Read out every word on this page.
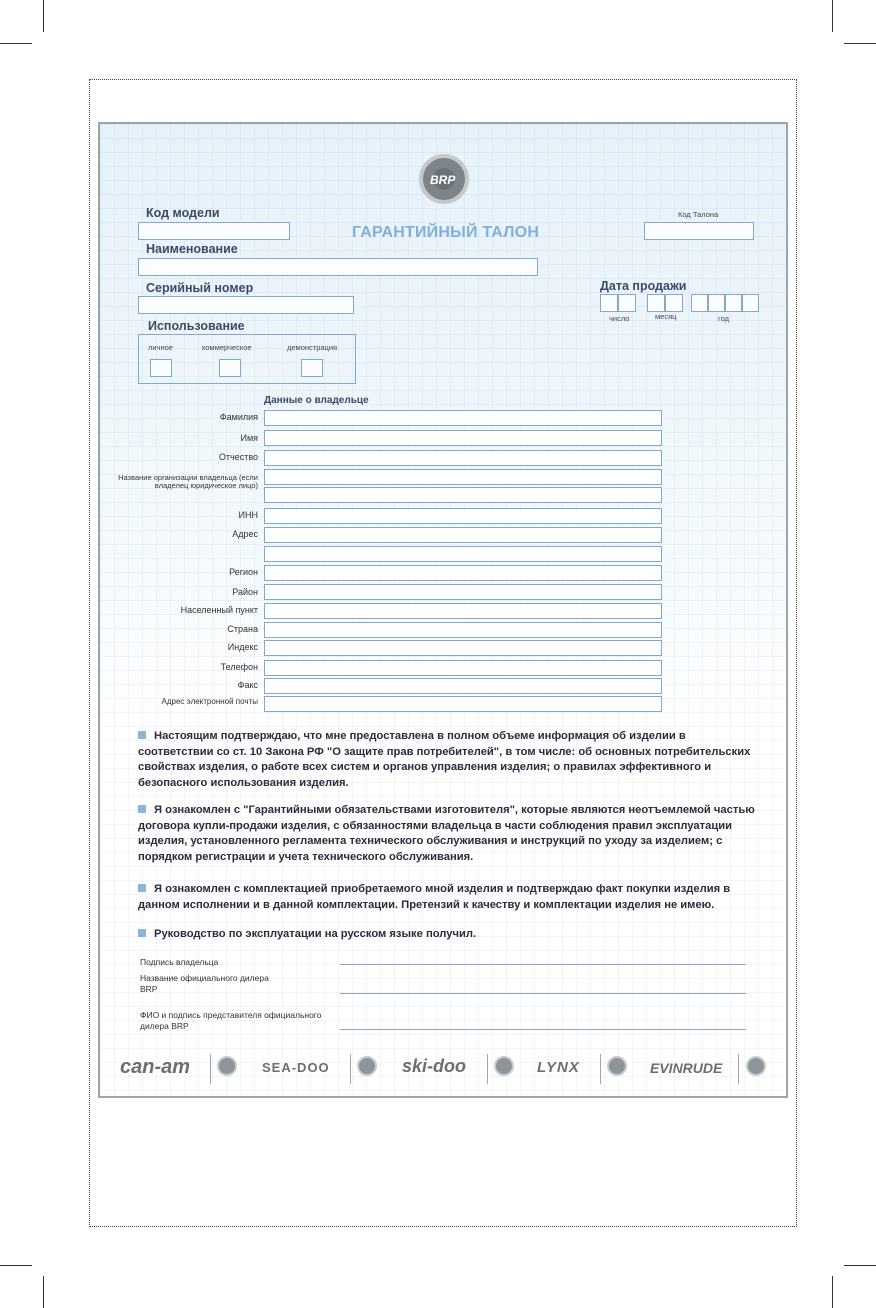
BRP
Код модели
ГАРАНТИЙНЫЙ ТАЛОН
Код Талона
Наименование
Серийный номер	Дата продажи
число	месяц	год
Использование
личное	коммерческое	демонстрация
Данные о владельце
Фамилия
Имя
Отчество
Название организации владельца (если владелец юридическое лицо)
ИНН
Адрес
Регион
Район
Населенный пункт
Страна
Индекс
Телефон
Факс
Адрес электронной почты
Настоящим подтверждаю, что мне предоставлена в полном объеме информация об изделии в соответствии со ст. 10 Закона РФ "О защите прав потребителей", в том числе: об основных потребительских свойствах изделия, о работе всех систем и органов управления изделия; о правилах эффективного и безопасного использования изделия.
Я ознакомлен с "Гарантийными обязательствами изготовителя", которые являются неотъемлемой частью договора купли-продажи изделия, с обязанностями владельца в части соблюдения правил эксплуатации изделия, установленного регламента технического обслуживания и инструкций по уходу за изделием; с порядком регистрации и учета технического обслуживания.
Я ознакомлен с комплектацией приобретаемого мной изделия и подтверждаю факт покупки изделия в данном исполнении и в данной комплектации. Претензий к качеству и комплектации изделия не имею.
Руководство по эксплуатации на русском языке получил.
Подпись владельца
Название официального дилера BRP
ФИО и подпись представителя официального дилера BRP
can-am	SEA-DOO	ski-doo	LYNX	EVINRUDE
